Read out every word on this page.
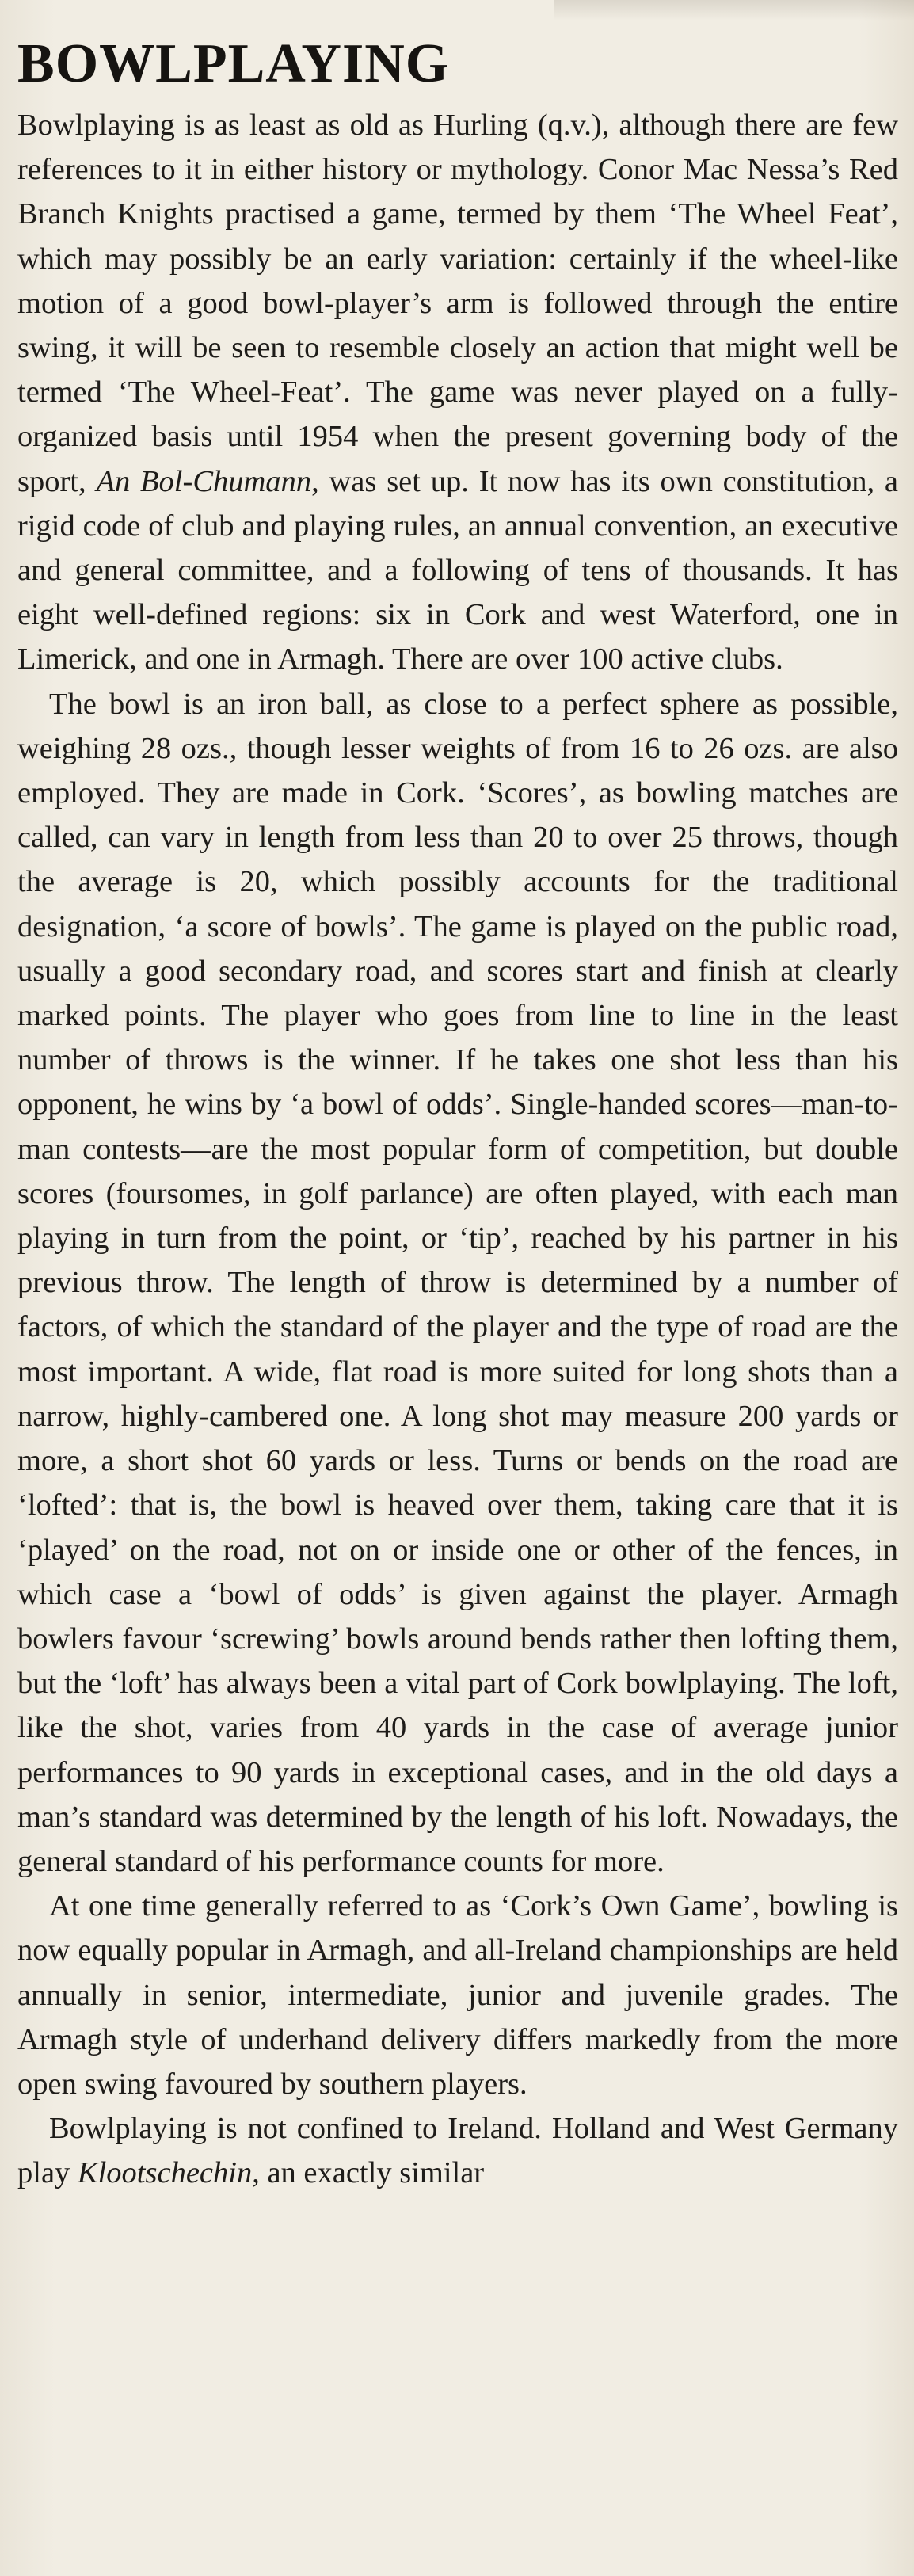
BOWLPLAYING

Bowlplaying is as least as old as Hurling (q.v.), although there are few references to it in either history or mythology. Conor Mac Nessa’s Red Branch Knights practised a game, termed by them ‘The Wheel Feat’, which may possibly be an early variation: certainly if the wheel-like motion of a good bowl-player’s arm is followed through the entire swing, it will be seen to resemble closely an action that might well be termed ‘The Wheel-Feat’. The game was never played on a fully-organized basis until 1954 when the present governing body of the sport, An Bol-Chumann, was set up. It now has its own constitution, a rigid code of club and playing rules, an annual convention, an executive and general committee, and a following of tens of thousands. It has eight well-defined regions: six in Cork and west Waterford, one in Limerick, and one in Armagh. There are over 100 active clubs.

The bowl is an iron ball, as close to a perfect sphere as possible, weighing 28 ozs., though lesser weights of from 16 to 26 ozs. are also employed. They are made in Cork. ‘Scores’, as bowling matches are called, can vary in length from less than 20 to over 25 throws, though the average is 20, which possibly accounts for the traditional designation, ‘a score of bowls’. The game is played on the public road, usually a good secondary road, and scores start and finish at clearly marked points. The player who goes from line to line in the least number of throws is the winner. If he takes one shot less than his opponent, he wins by ‘a bowl of odds’. Single-handed scores—man-to-man contests—are the most popular form of competition, but double scores (foursomes, in golf parlance) are often played, with each man playing in turn from the point, or ‘tip’, reached by his partner in his previous throw. The length of throw is determined by a number of factors, of which the standard of the player and the type of road are the most important. A wide, flat road is more suited for long shots than a narrow, highly-cambered one. A long shot may measure 200 yards or more, a short shot 60 yards or less. Turns or bends on the road are ‘lofted’: that is, the bowl is heaved over them, taking care that it is ‘played’ on the road, not on or inside one or other of the fences, in which case a ‘bowl of odds’ is given against the player. Armagh bowlers favour ‘screwing’ bowls around bends rather then lofting them, but the ‘loft’ has always been a vital part of Cork bowlplaying. The loft, like the shot, varies from 40 yards in the case of average junior performances to 90 yards in exceptional cases, and in the old days a man’s standard was determined by the length of his loft. Nowadays, the general standard of his performance counts for more.

At one time generally referred to as ‘Cork’s Own Game’, bowling is now equally popular in Armagh, and all-Ireland championships are held annually in senior, intermediate, junior and juvenile grades. The Armagh style of underhand delivery differs markedly from the more open swing favoured by southern players.

Bowlplaying is not confined to Ireland. Holland and West Germany play Klootschechin, an exactly similar
